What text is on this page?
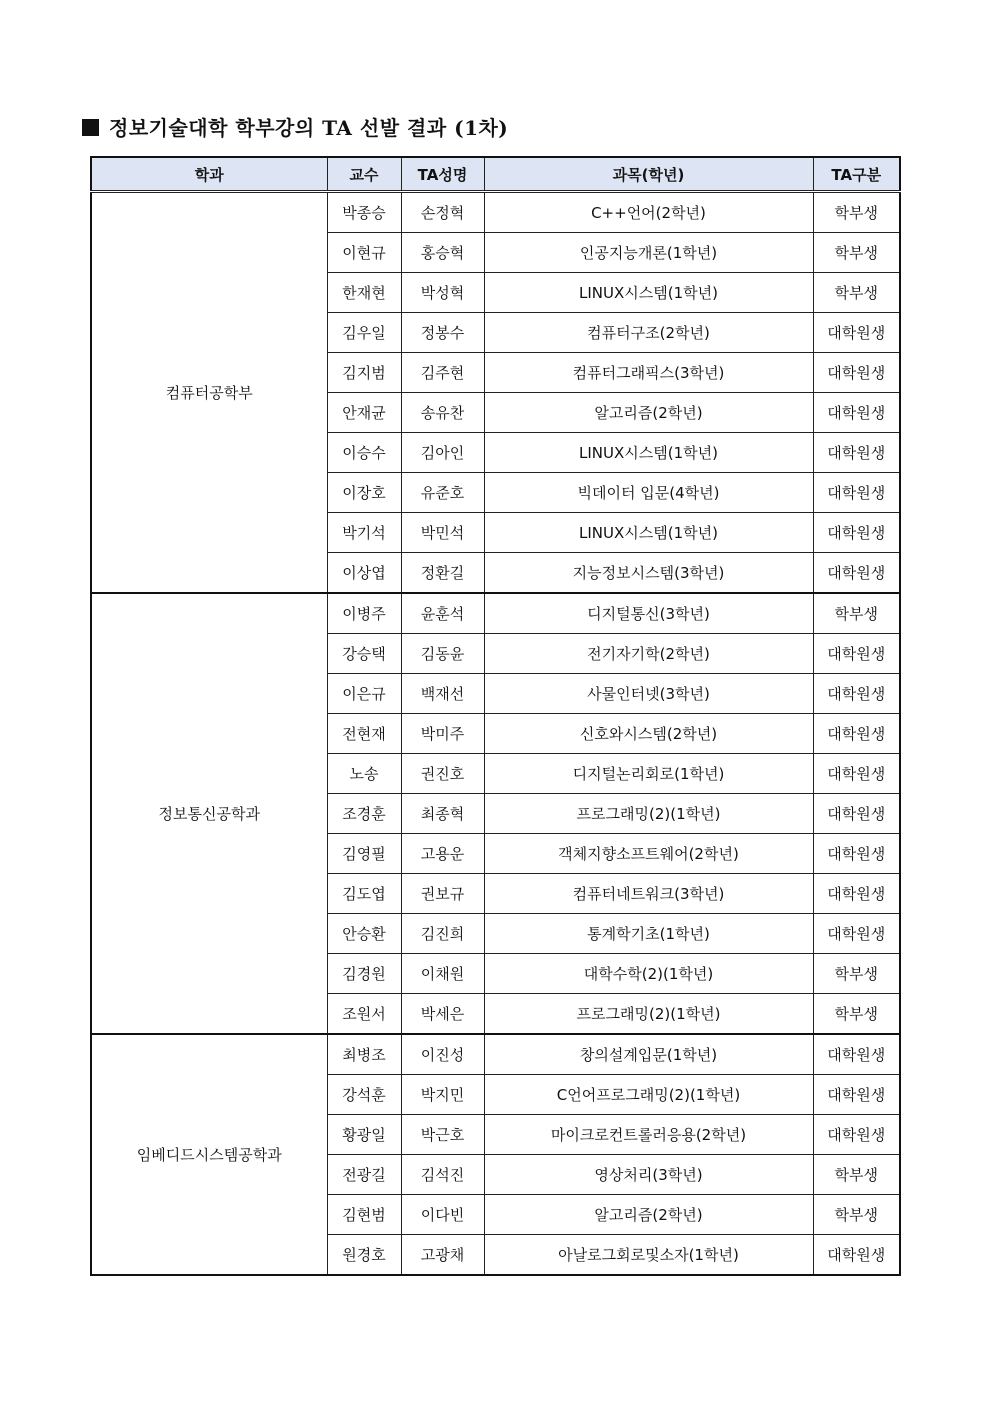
정보기술대학 학부강의 TA 선발 결과 (1차)
학과	교수	TA성명	과목(학년)	TA구분
컴퓨터공학부	박종승	손정혁	C++언어(2학년)	학부생
	이현규	홍승혁	인공지능개론(1학년)	학부생
	한재현	박성혁	LINUX시스템(1학년)	학부생
	김우일	정봉수	컴퓨터구조(2학년)	대학원생
	김지범	김주현	컴퓨터그래픽스(3학년)	대학원생
	안재균	송유찬	알고리즘(2학년)	대학원생
	이승수	김아인	LINUX시스템(1학년)	대학원생
	이장호	유준호	빅데이터 입문(4학년)	대학원생
	박기석	박민석	LINUX시스템(1학년)	대학원생
	이상엽	정환길	지능정보시스템(3학년)	대학원생
정보통신공학과	이병주	윤훈석	디지털통신(3학년)	학부생
	강승택	김동윤	전기자기학(2학년)	대학원생
	이은규	백재선	사물인터넷(3학년)	대학원생
	전현재	박미주	신호와시스템(2학년)	대학원생
	노송	권진호	디지털논리회로(1학년)	대학원생
	조경훈	최종혁	프로그래밍(2)(1학년)	대학원생
	김영필	고용운	객체지향소프트웨어(2학년)	대학원생
	김도엽	권보규	컴퓨터네트워크(3학년)	대학원생
	안승환	김진희	통계학기초(1학년)	대학원생
	김경원	이채원	대학수학(2)(1학년)	학부생
	조원서	박세은	프로그래밍(2)(1학년)	학부생
임베디드시스템공학과	최병조	이진성	창의설계입문(1학년)	대학원생
	강석훈	박지민	C언어프로그래밍(2)(1학년)	대학원생
	황광일	박근호	마이크로컨트롤러응용(2학년)	대학원생
	전광길	김석진	영상처리(3학년)	학부생
	김현범	이다빈	알고리즘(2학년)	학부생
	원경호	고광채	아날로그회로및소자(1학년)	대학원생
